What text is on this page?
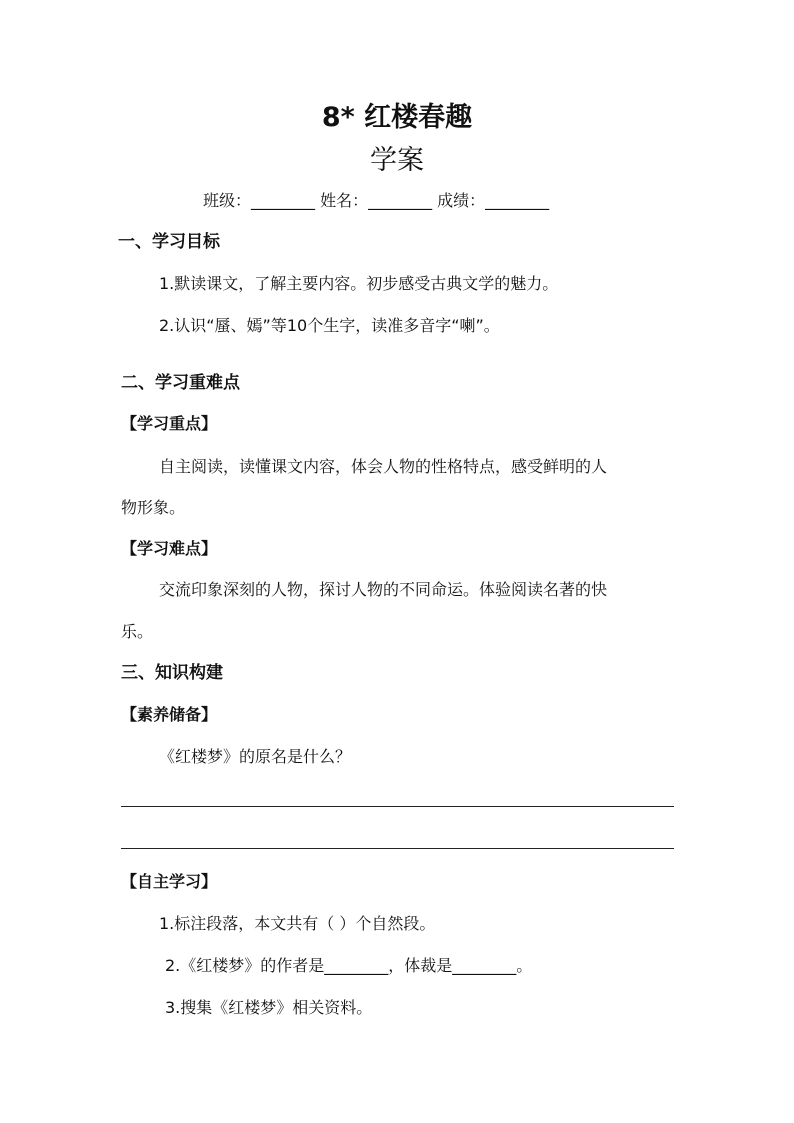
8* 红楼春趣
学案
班级：________ 姓名：________ 成绩：________
一、学习目标
1.默读课文，了解主要内容。初步感受古典文学的魅力。
2.认识“蜃、嫣”等10个生字，读准多音字“喇”。
二、学习重难点
【学习重点】
自主阅读，读懂课文内容，体会人物的性格特点，感受鲜明的人
物形象。
【学习难点】
交流印象深刻的人物，探讨人物的不同命运。体验阅读名著的快
乐。
三、知识构建
【素养储备】
《红楼梦》的原名是什么？
【自主学习】
1.标注段落，本文共有（ ）个自然段。
2.《红楼梦》的作者是________，体裁是________。
3.搜集《红楼梦》相关资料。
